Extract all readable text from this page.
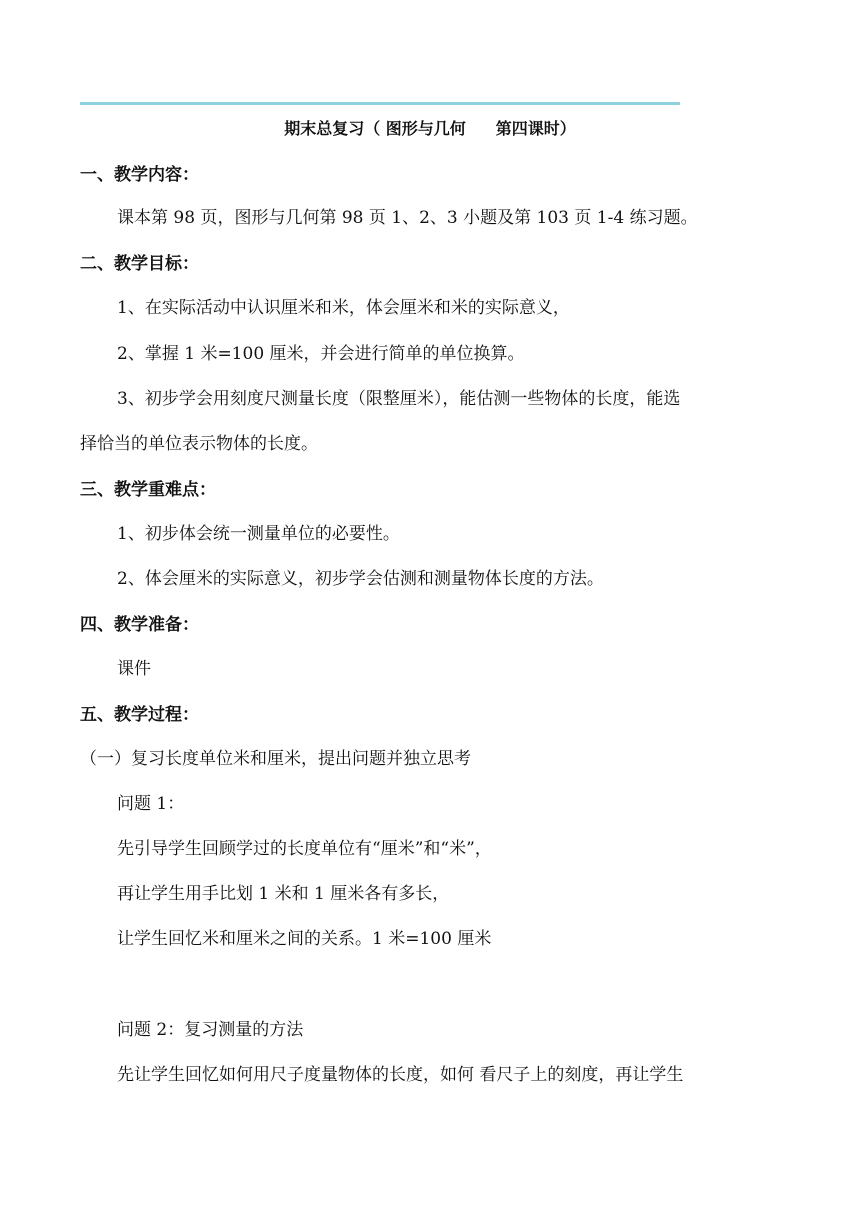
期末总复习（ 图形与几何 第四课时）
一、教学内容：
课本第 98 页，图形与几何第 98 页 1、2、3 小题及第 103 页 1-4 练习题。
二、教学目标：
1、在实际活动中认识厘米和米，体会厘米和米的实际意义，
2、掌握 1 米=100 厘米，并会进行简单的单位换算。
3、初步学会用刻度尺测量长度（限整厘米），能估测一些物体的长度，能选
择恰当的单位表示物体的长度。
三、教学重难点：
1、初步体会统一测量单位的必要性。
2、体会厘米的实际意义，初步学会估测和测量物体长度的方法。
四、教学准备：
课件
五、教学过程：
（一）复习长度单位米和厘米，提出问题并独立思考
问题 1：
先引导学生回顾学过的长度单位有“厘米”和“米”，
再让学生用手比划 1 米和 1 厘米各有多长，
让学生回忆米和厘米之间的关系。1 米=100 厘米
问题 2：复习测量的方法
先让学生回忆如何用尺子度量物体的长度，如何 看尺子上的刻度，再让学生
